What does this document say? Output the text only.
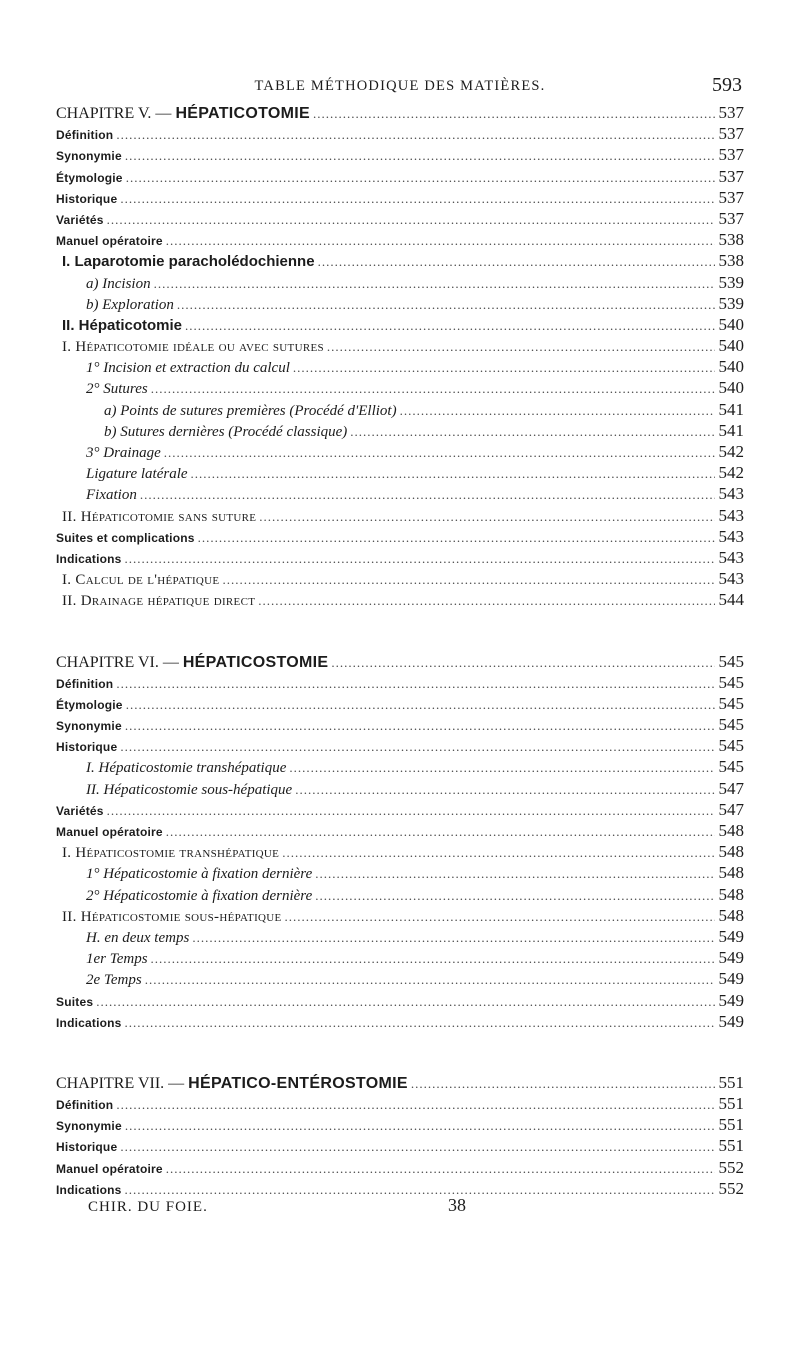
TABLE MÉTHODIQUE DES MATIÈRES.	593
CHAPITRE V. — HÉPATICOTOMIE .....	537
Définition .....	537
Synonymie .....	537
Étymologie .....	537
Historique .....	537
Variétés .....	537
Manuel opératoire .....	538
I. Laparotomie paracholédochienne .....	538
a) Incision .....	539
b) Exploration .....	539
II. Hépaticotomie .....	540
I. Hépaticotomie idéale ou avec sutures .....	540
1° Incision et extraction du calcul .....	540
2° Sutures .....	540
a) Points de sutures premières (Procédé d'Elliot) .....	541
b) Sutures dernières (Procédé classique) .....	541
3° Drainage .....	542
Ligature latérale .....	542
Fixation .....	543
II. Hépaticotomie sans suture .....	543
Suites et complications .....	543
Indications .....	543
I. Calcul de l'hépatique .....	543
II. Drainage hépatique direct .....	544
CHAPITRE VI. — HÉPATICOSTOMIE .....	545
Définition .....	545
Étymologie .....	545
Synonymie .....	545
Historique .....	545
I. Hépaticostomie transhépatique .....	545
II. Hépaticostomie sous-hépatique .....	547
Variétés .....	547
Manuel opératoire .....	548
I. Hépaticostomie transhépatique .....	548
1° Hépaticostomie à fixation dernière .....	548
2° Hépaticostomie à fixation dernière .....	548
II. Hépaticostomie sous-hépatique .....	548
H. en deux temps .....	549
1er Temps .....	549
2e Temps .....	549
Suites .....	549
Indications .....	549
CHAPITRE VII. — HÉPATICO-ENTÉROSTOMIE .....	551
Définition .....	551
Synonymie .....	551
Historique .....	551
Manuel opératoire .....	552
Indications .....	552
CHIR. DU FOIE.	38
